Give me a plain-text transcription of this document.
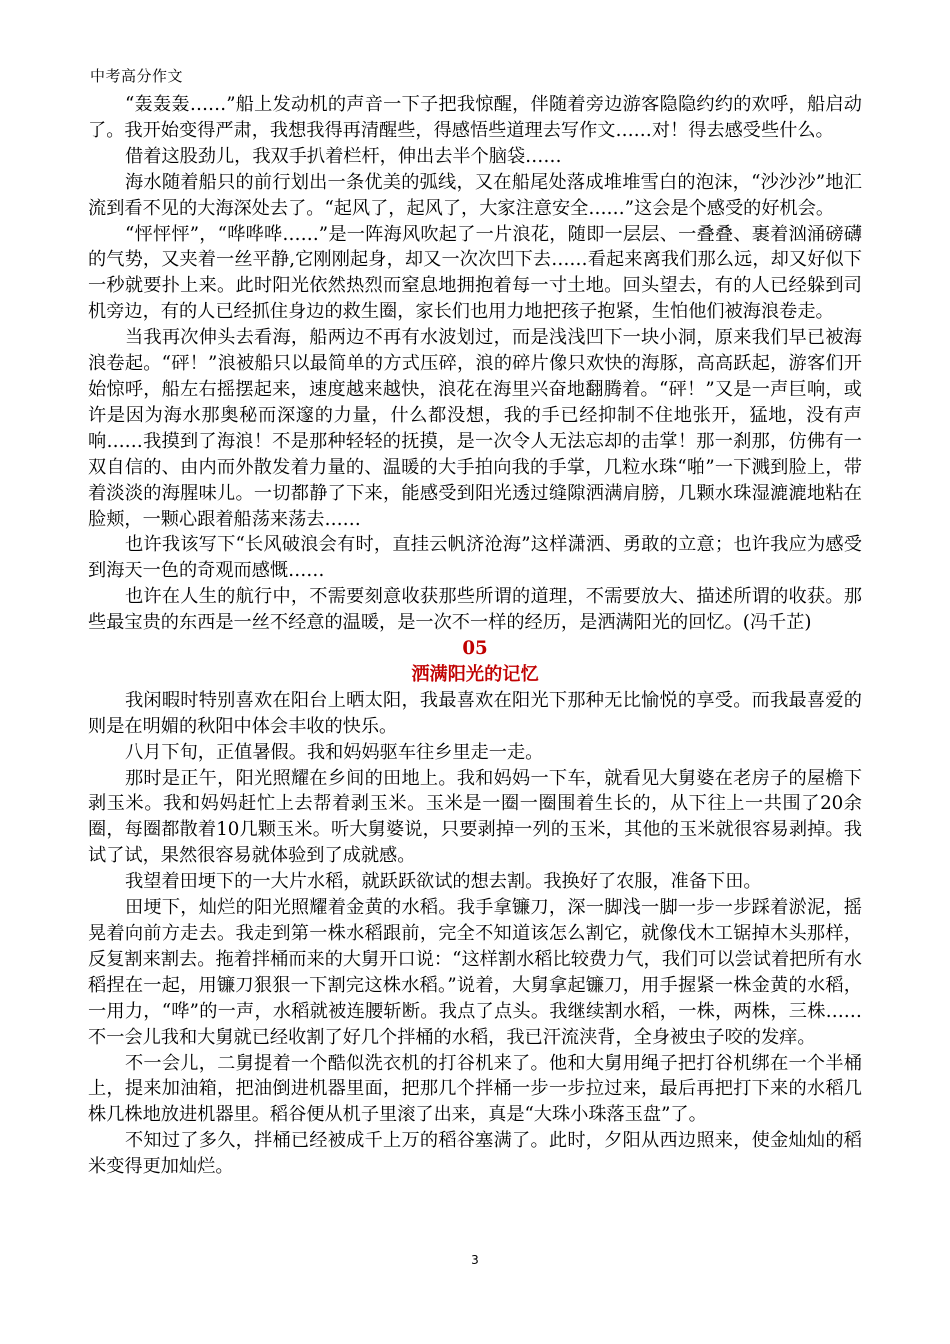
中考高分作文

“轰轰轰……”船上发动机的声音一下子把我惊醒，伴随着旁边游客隐隐约约的欢呼，船启动了。我开始变得严肃，我想我得再清醒些，得感悟些道理去写作文……对！得去感受些什么。

借着这股劲儿，我双手扒着栏杆，伸出去半个脑袋……

海水随着船只的前行划出一条优美的弧线，又在船尾处落成堆堆雪白的泡沫，“沙沙沙”地汇流到看不见的大海深处去了。“起风了，起风了，大家注意安全……”这会是个感受的好机会。

“怦怦怦”，“哗哗哗……”是一阵海风吹起了一片浪花，随即一层层、一叠叠、裹着汹涌磅礴的气势，又夹着一丝平静,它刚刚起身，却又一次次凹下去……看起来离我们那么远，却又好似下一秒就要扑上来。此时阳光依然热烈而窒息地拥抱着每一寸土地。回头望去，有的人已经躲到司机旁边，有的人已经抓住身边的救生圈，家长们也用力地把孩子抱紧，生怕他们被海浪卷走。

当我再次伸头去看海，船两边不再有水波划过，而是浅浅凹下一块小洞，原来我们早已被海浪卷起。“砰！”浪被船只以最简单的方式压碎，浪的碎片像只欢快的海豚，高高跃起，游客们开始惊呼，船左右摇摆起来，速度越来越快，浪花在海里兴奋地翻腾着。“砰！”又是一声巨响，或许是因为海水那奥秘而深邃的力量，什么都没想，我的手已经抑制不住地张开，猛地，没有声响……我摸到了海浪！不是那种轻轻的抚摸，是一次令人无法忘却的击掌！那一刹那，仿佛有一双自信的、由内而外散发着力量的、温暖的大手拍向我的手掌，几粒水珠“啪”一下溅到脸上，带着淡淡的海腥味儿。一切都静了下来，能感受到阳光透过缝隙洒满肩膀，几颗水珠湿漉漉地粘在脸颊，一颗心跟着船荡来荡去……

也许我该写下“长风破浪会有时，直挂云帆济沧海”这样潇洒、勇敢的立意；也许我应为感受到海天一色的奇观而感慨……

也许在人生的航行中，不需要刻意收获那些所谓的道理，不需要放大、描述所谓的收获。那些最宝贵的东西是一丝不经意的温暖，是一次不一样的经历，是洒满阳光的回忆。(冯千芷)

05

洒满阳光的记忆

我闲暇时特别喜欢在阳台上晒太阳，我最喜欢在阳光下那种无比愉悦的享受。而我最喜爱的则是在明媚的秋阳中体会丰收的快乐。

八月下旬，正值暑假。我和妈妈驱车往乡里走一走。

那时是正午，阳光照耀在乡间的田地上。我和妈妈一下车，就看见大舅婆在老房子的屋檐下剥玉米。我和妈妈赶忙上去帮着剥玉米。玉米是一圈一圈围着生长的，从下往上一共围了20余圈，每圈都散着10几颗玉米。听大舅婆说，只要剥掉一列的玉米，其他的玉米就很容易剥掉。我试了试，果然很容易就体验到了成就感。

我望着田埂下的一大片水稻，就跃跃欲试的想去割。我换好了农服，准备下田。

田埂下，灿烂的阳光照耀着金黄的水稻。我手拿镰刀，深一脚浅一脚一步一步踩着淤泥，摇晃着向前方走去。我走到第一株水稻跟前，完全不知道该怎么割它，就像伐木工锯掉木头那样，反复割来割去。拖着拌桶而来的大舅开口说：“这样割水稻比较费力气，我们可以尝试着把所有水稻捏在一起，用镰刀狠狠一下割完这株水稻。”说着，大舅拿起镰刀，用手握紧一株金黄的水稻，一用力，“哗”的一声，水稻就被连腰斩断。我点了点头。我继续割水稻，一株，两株，三株……不一会儿我和大舅就已经收割了好几个拌桶的水稻，我已汗流浃背，全身被虫子咬的发痒。

不一会儿，二舅提着一个酷似洗衣机的打谷机来了。他和大舅用绳子把打谷机绑在一个半桶上，提来加油箱，把油倒进机器里面，把那几个拌桶一步一步拉过来，最后再把打下来的水稻几株几株地放进机器里。稻谷便从机子里滚了出来，真是“大珠小珠落玉盘”了。

不知过了多久，拌桶已经被成千上万的稻谷塞满了。此时，夕阳从西边照来，使金灿灿的稻米变得更加灿烂。

3
